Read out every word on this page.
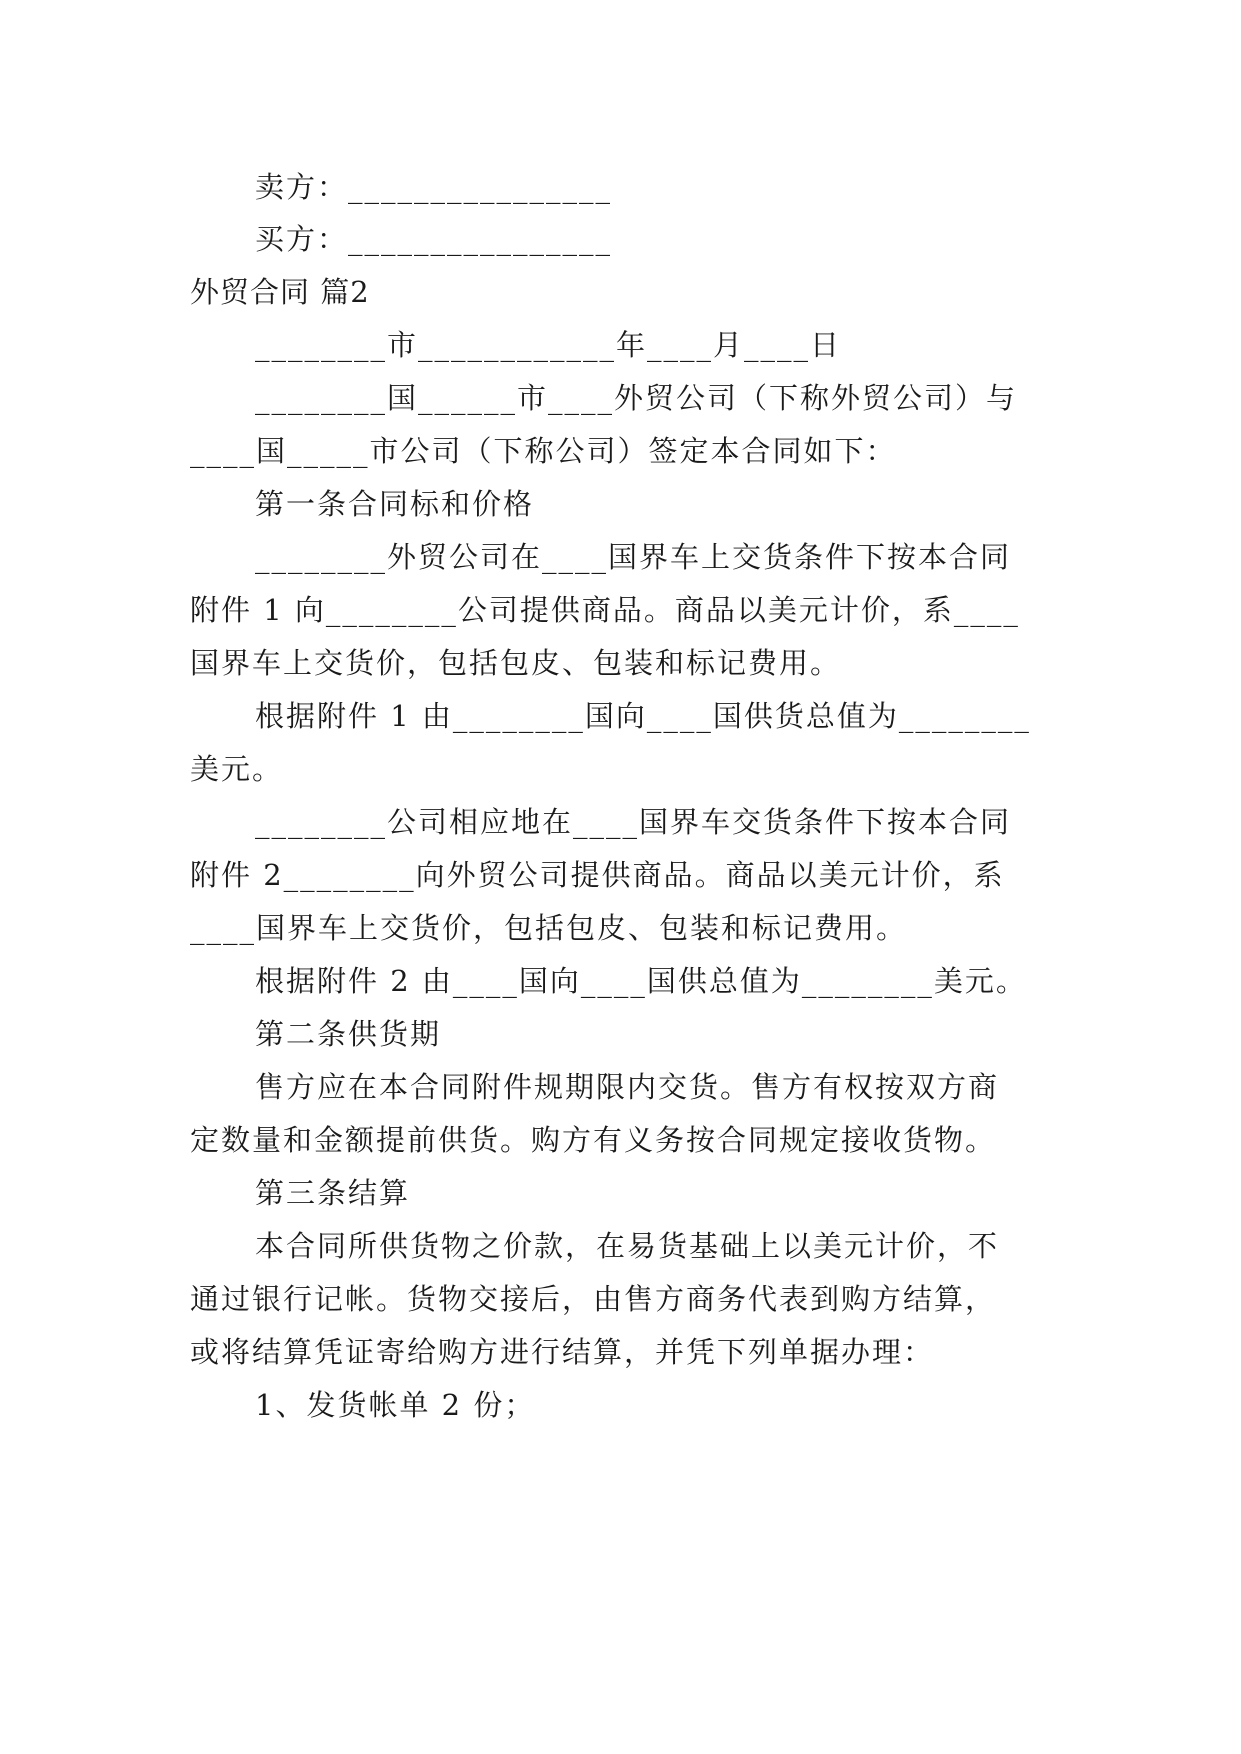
卖方：________________
买方：________________
外贸合同 篇2
________市____________年____月____日
________国______市____外贸公司（下称外贸公司）与
____国_____市公司（下称公司）签定本合同如下：
第一条合同标和价格
________外贸公司在____国界车上交货条件下按本合同
附件 1 向________公司提供商品。商品以美元计价，系____
国界车上交货价，包括包皮、包装和标记费用。
根据附件 1 由________国向____国供货总值为________
美元。
________公司相应地在____国界车交货条件下按本合同
附件 2________向外贸公司提供商品。商品以美元计价，系
____国界车上交货价，包括包皮、包装和标记费用。
根据附件 2 由____国向____国供总值为________美元。
第二条供货期
售方应在本合同附件规期限内交货。售方有权按双方商
定数量和金额提前供货。购方有义务按合同规定接收货物。
第三条结算
本合同所供货物之价款，在易货基础上以美元计价，不
通过银行记帐。货物交接后，由售方商务代表到购方结算，
或将结算凭证寄给购方进行结算，并凭下列单据办理：
1、发货帐单 2 份；
